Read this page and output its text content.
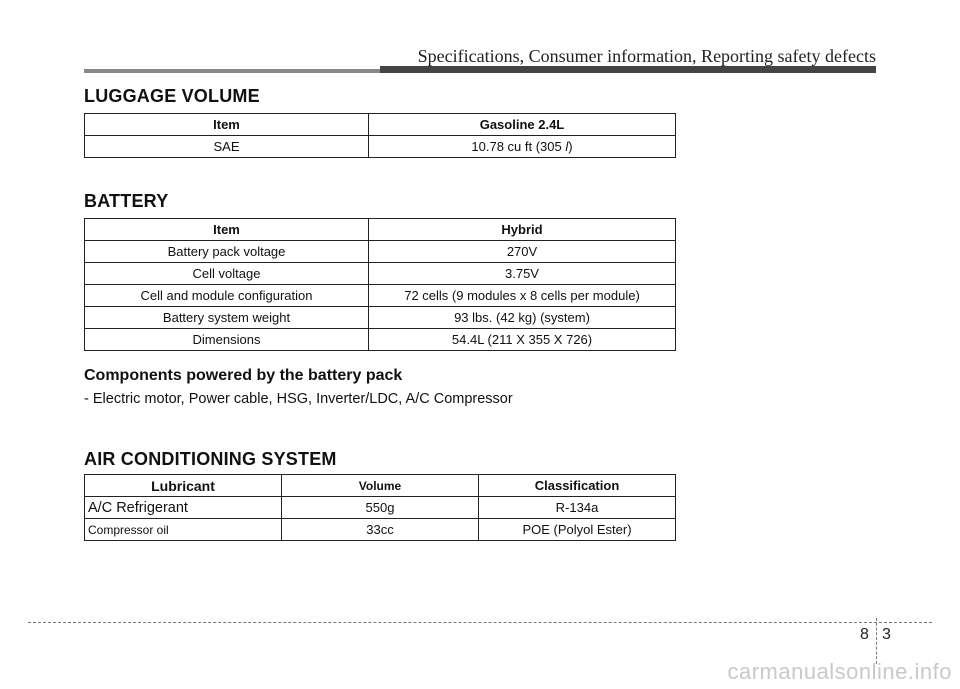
Specifications, Consumer information, Reporting safety defects
LUGGAGE VOLUME
Item	Gasoline 2.4L
SAE	10.78 cu ft (305 l)
BATTERY
Item	Hybrid
Battery pack voltage	270V
Cell voltage	3.75V
Cell and module configuration	72 cells (9 modules x 8 cells per module)
Battery system weight	93 lbs. (42 kg) (system)
Dimensions	54.4L (211 X 355 X 726)
Components powered by the battery pack
- Electric motor, Power cable, HSG, Inverter/LDC, A/C Compressor
AIR CONDITIONING SYSTEM
Lubricant	Volume	Classification
A/C Refrigerant	550g	R-134a
Compressor oil	33cc	POE (Polyol Ester)
8 3
carmanualsonline.info
